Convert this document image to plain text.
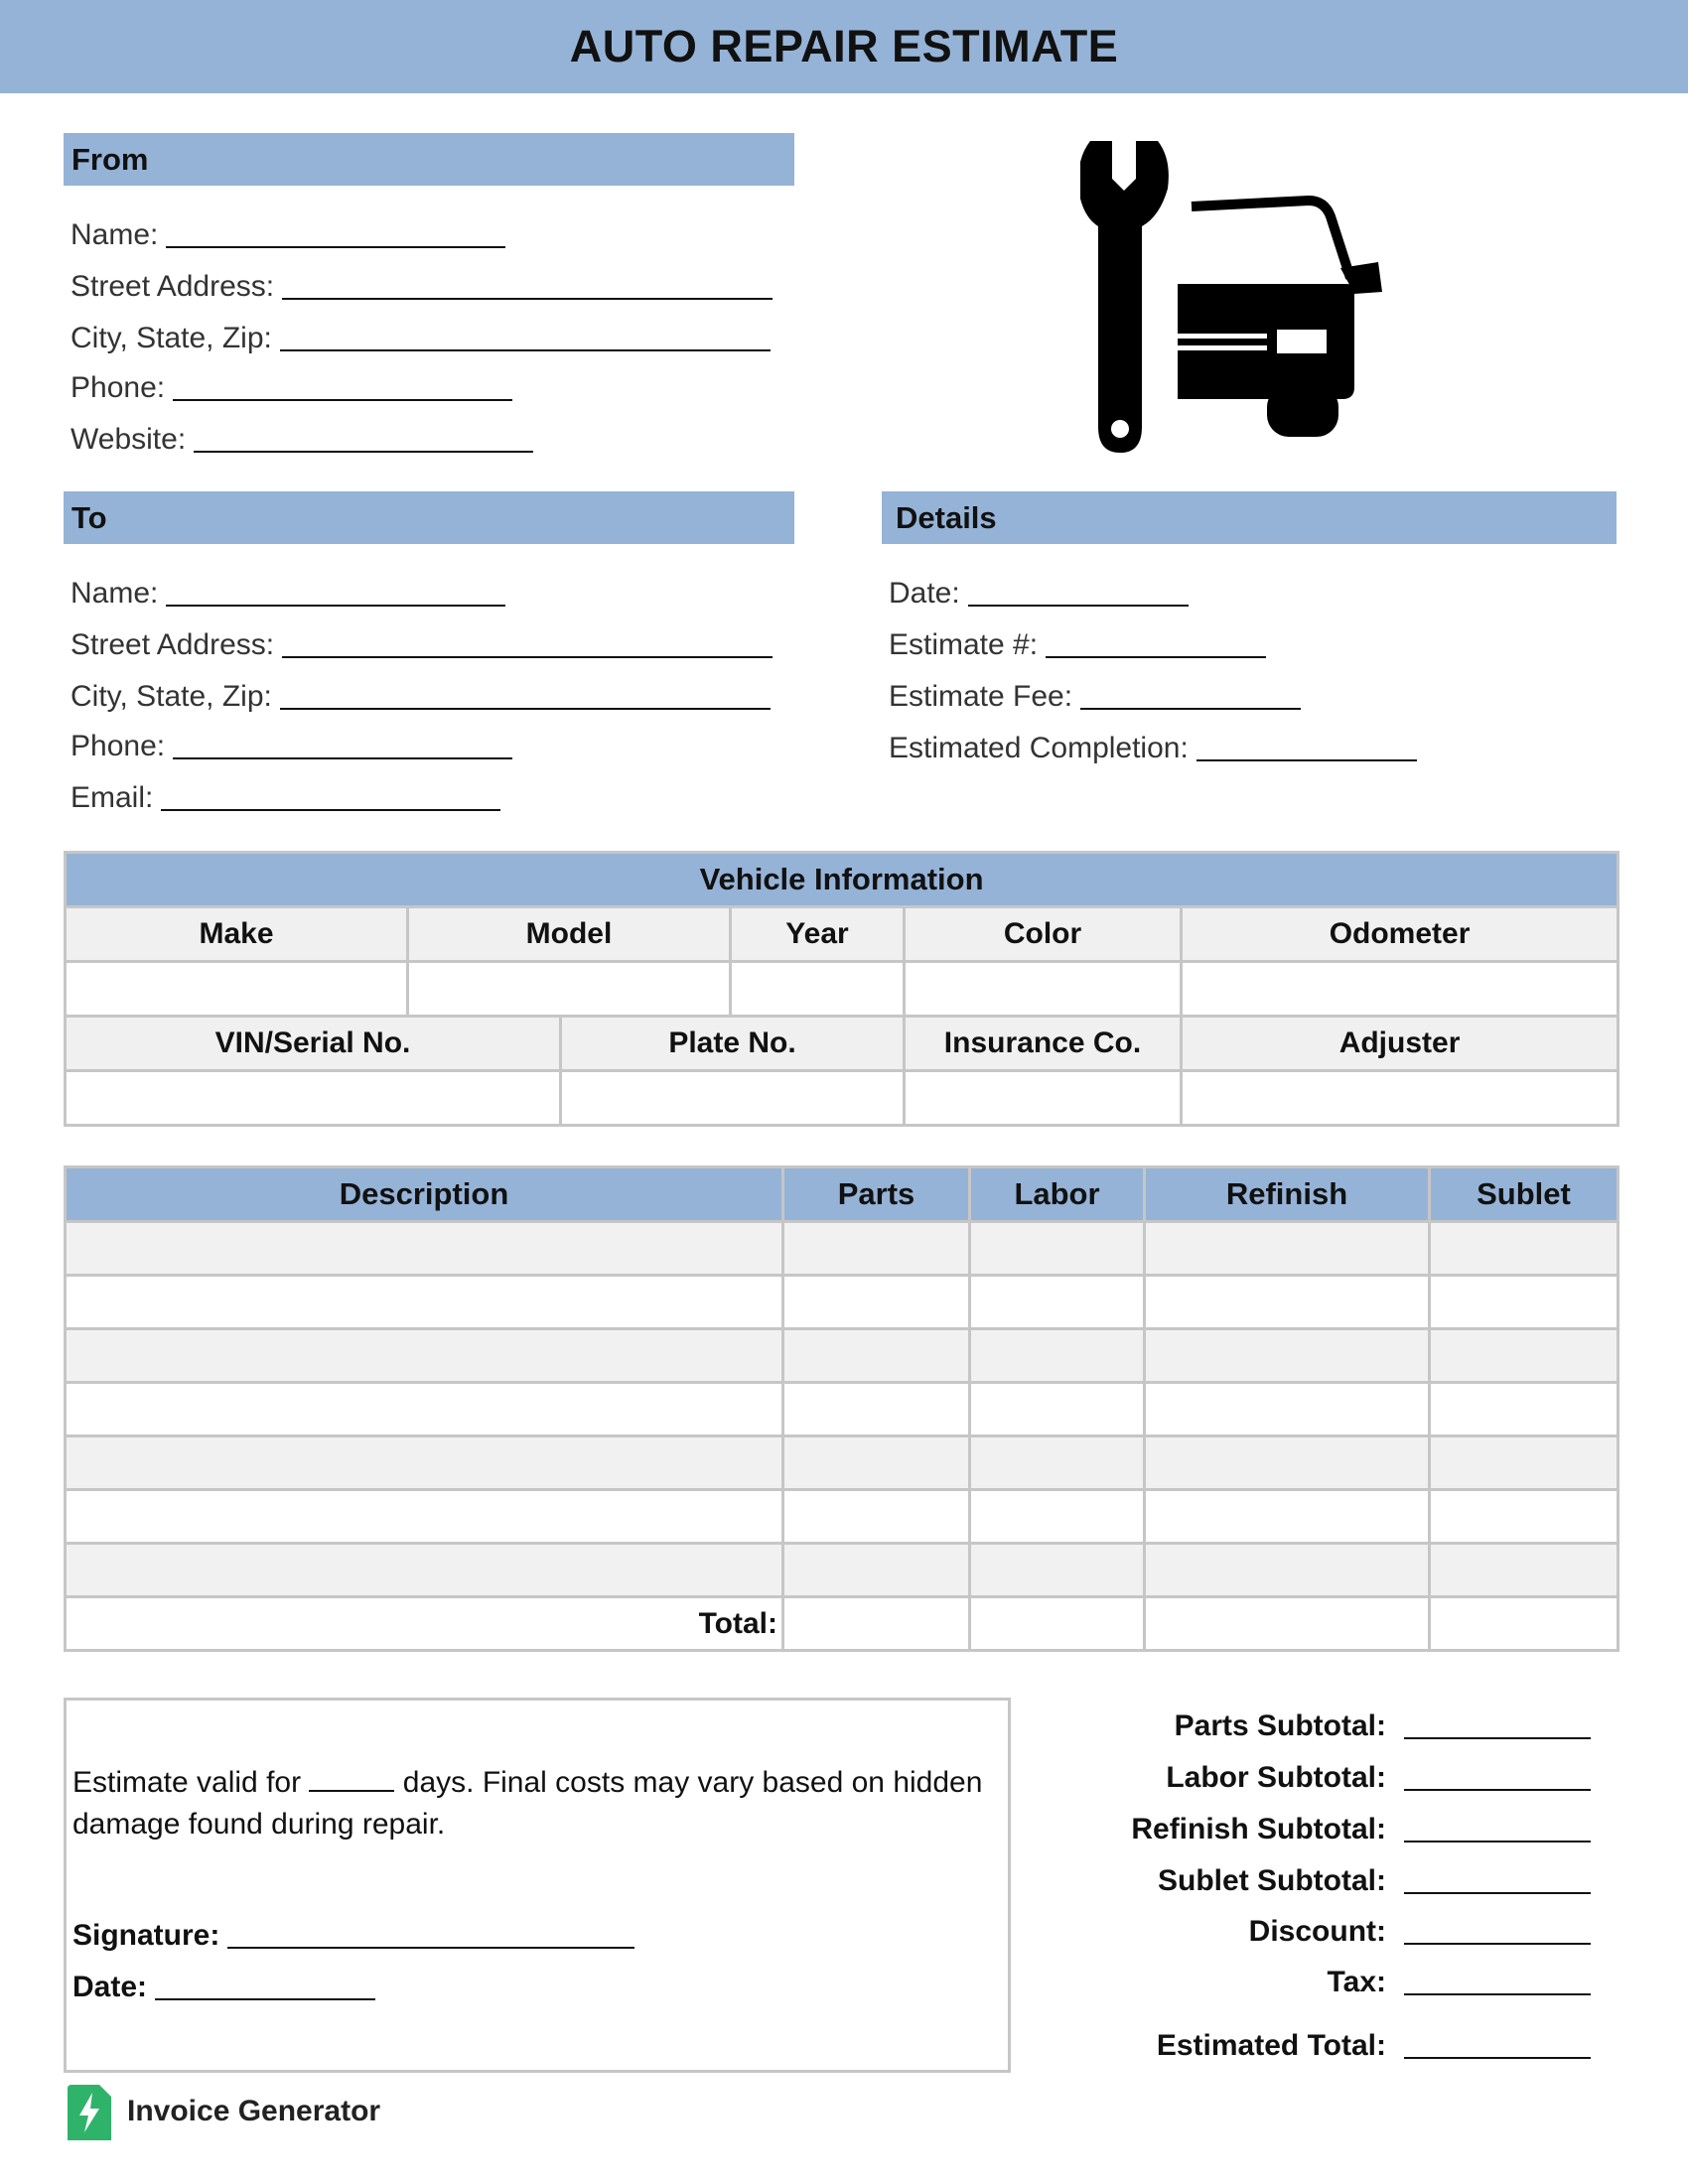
AUTO REPAIR ESTIMATE
From
Name:
Street Address:
City, State, Zip:
Phone:
Website:
To
Name:
Street Address:
City, State, Zip:
Phone:
Email:
Details
Date:
Estimate #:
Estimate Fee:
Estimated Completion:
Vehicle Information					
Make	Model		Year	Color	Odometer

VIN/Serial No.		Plate No.		Insurance Co.	Adjuster

Description	Parts	Labor	Refinish	Sublet

Total:				
Estimate valid for	days. Final costs may vary based on hidden damage found during repair.
Signature:
Date:
Parts Subtotal:
Labor Subtotal:
Refinish Subtotal:
Sublet Subtotal:
Discount:
Tax:
Estimated Total:
Invoice Generator
